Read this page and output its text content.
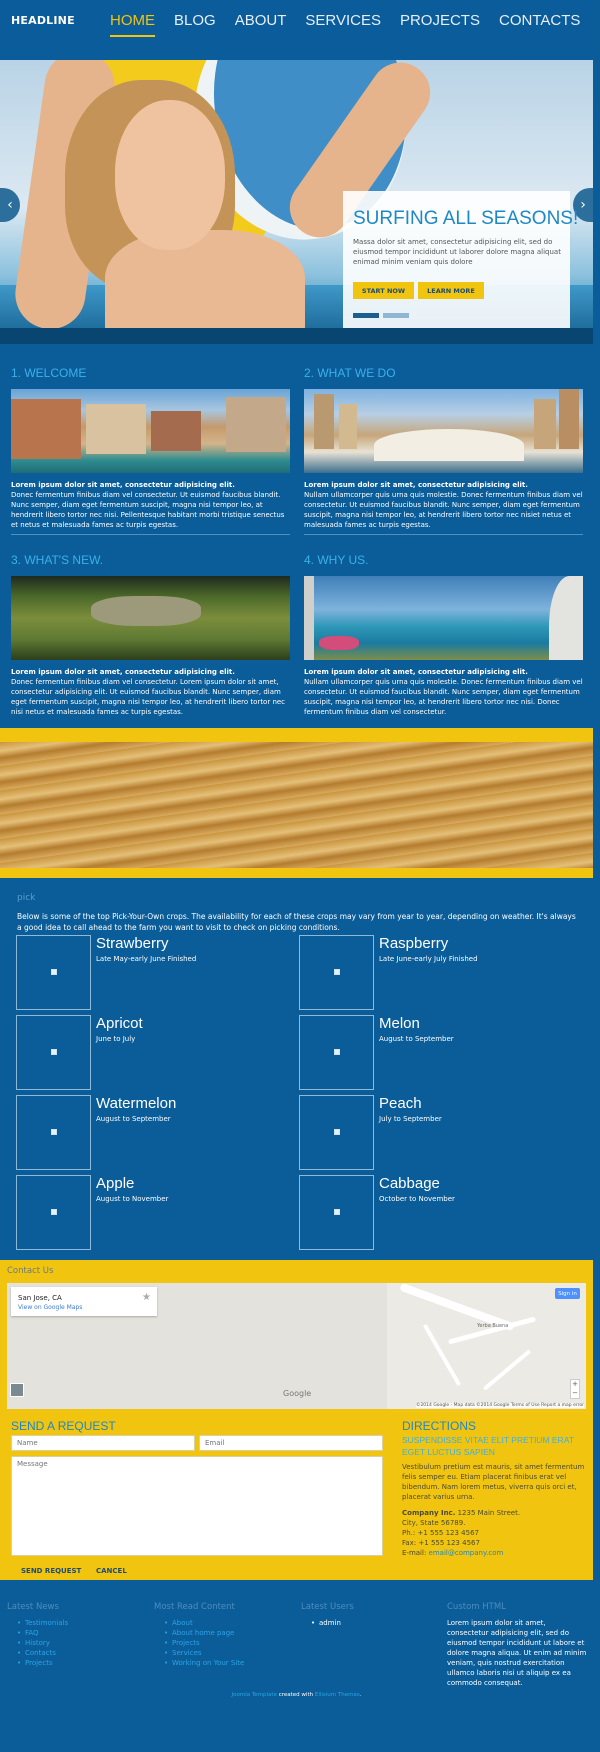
HEADLINE HOME BLOG ABOUT SERVICES PROJECTS CONTACTS
‹	›
SURFING ALL SEASONS!
Massa dolor sit amet, consectetur adipisicing elit, sed do eiusmod tempor incididunt ut laborer dolore magna aliquat enimad minim veniam quis dolore
START NOW	LEARN MORE
1. WELCOME
Lorem ipsum dolor sit amet, consectetur adipisicing elit.
Donec fermentum finibus diam vel consectetur. Ut euismod faucibus blandit. Nunc semper, diam eget fermentum suscipit, magna nisi tempor leo, at hendrerit libero tortor nec nisi. Pellentesque habitant morbi tristique senectus et netus et malesuada fames ac turpis egestas.
2. WHAT WE DO
Lorem ipsum dolor sit amet, consectetur adipisicing elit.
Nullam ullamcorper quis urna quis molestie. Donec fermentum finibus diam vel consectetur. Ut euismod faucibus blandit. Nunc semper, diam eget fermentum suscipit, magna nisi tempor leo, at hendrerit libero tortor nec nisiet netus et malesuada fames ac turpis egestas.
3. WHAT'S NEW.
Lorem ipsum dolor sit amet, consectetur adipisicing elit.
Donec fermentum finibus diam vel consectetur. Lorem ipsum dolor sit amet, consectetur adipisicing elit. Ut euismod faucibus blandit. Nunc semper, diam eget fermentum suscipit, magna nisi tempor leo, at hendrerit libero tortor nec nisi netus et malesuada fames ac turpis egestas.
4. WHY US.
Lorem ipsum dolor sit amet, consectetur adipisicing elit.
Nullam ullamcorper quis urna quis molestie. Donec fermentum finibus diam vel consectetur. Ut euismod faucibus blandit. Nunc semper, diam eget fermentum suscipit, magna nisi tempor leo, at hendrerit libero tortor nec nisi. Donec fermentum finibus diam vel consectetur.
pick
Below is some of the top Pick-Your-Own crops. The availability for each of these crops may vary from year to year, depending on weather. It's always a good idea to call ahead to the farm you want to visit to check on picking conditions.
Strawberry
Late May-early June Finished
Raspberry
Late June-early July Finished
Apricot
June to July
Melon
August to September
Watermelon
August to September
Peach
July to September
Apple
August to November
Cabbage
October to November
Contact Us
Yerba Buena
San Jose, CA
View on Google Maps
★	Sign in
+
−
Google
©2014 Google - Map data ©2014 Google Terms of Use Report a map error
SEND A REQUEST
Name
Email
Message
SEND REQUEST CANCEL
DIRECTIONS
SUSPENDISSE VITAE ELIT PRETIUM ERAT EGET LUCTUS SAPIEN
Vestibulum pretium est mauris, sit amet fermentum felis semper eu. Etiam placerat finibus erat vel bibendum. Nam lorem metus, viverra quis orci et, placerat varius urna.
Company Inc. 1235 Main Street.
City, State 56789.
Ph.: +1 555 123 4567
Fax: +1 555 123 4567
E-mail: email@company.com
Latest News
• Testimonials
• FAQ
• History
• Contacts
• Projects
Most Read Content
• About
• About home page
• Projects
• Services
• Working on Your Site
Latest Users
• admin
Custom HTML
Lorem ipsum dolor sit amet, consectetur adipisicing elit, sed do eiusmod tempor incididunt ut labore et dolore magna aliqua. Ut enim ad minim veniam, quis nostrud exercitation ullamco laboris nisi ut aliquip ex ea commodo consequat.
Joomla Template created with Ellisium Themes.
